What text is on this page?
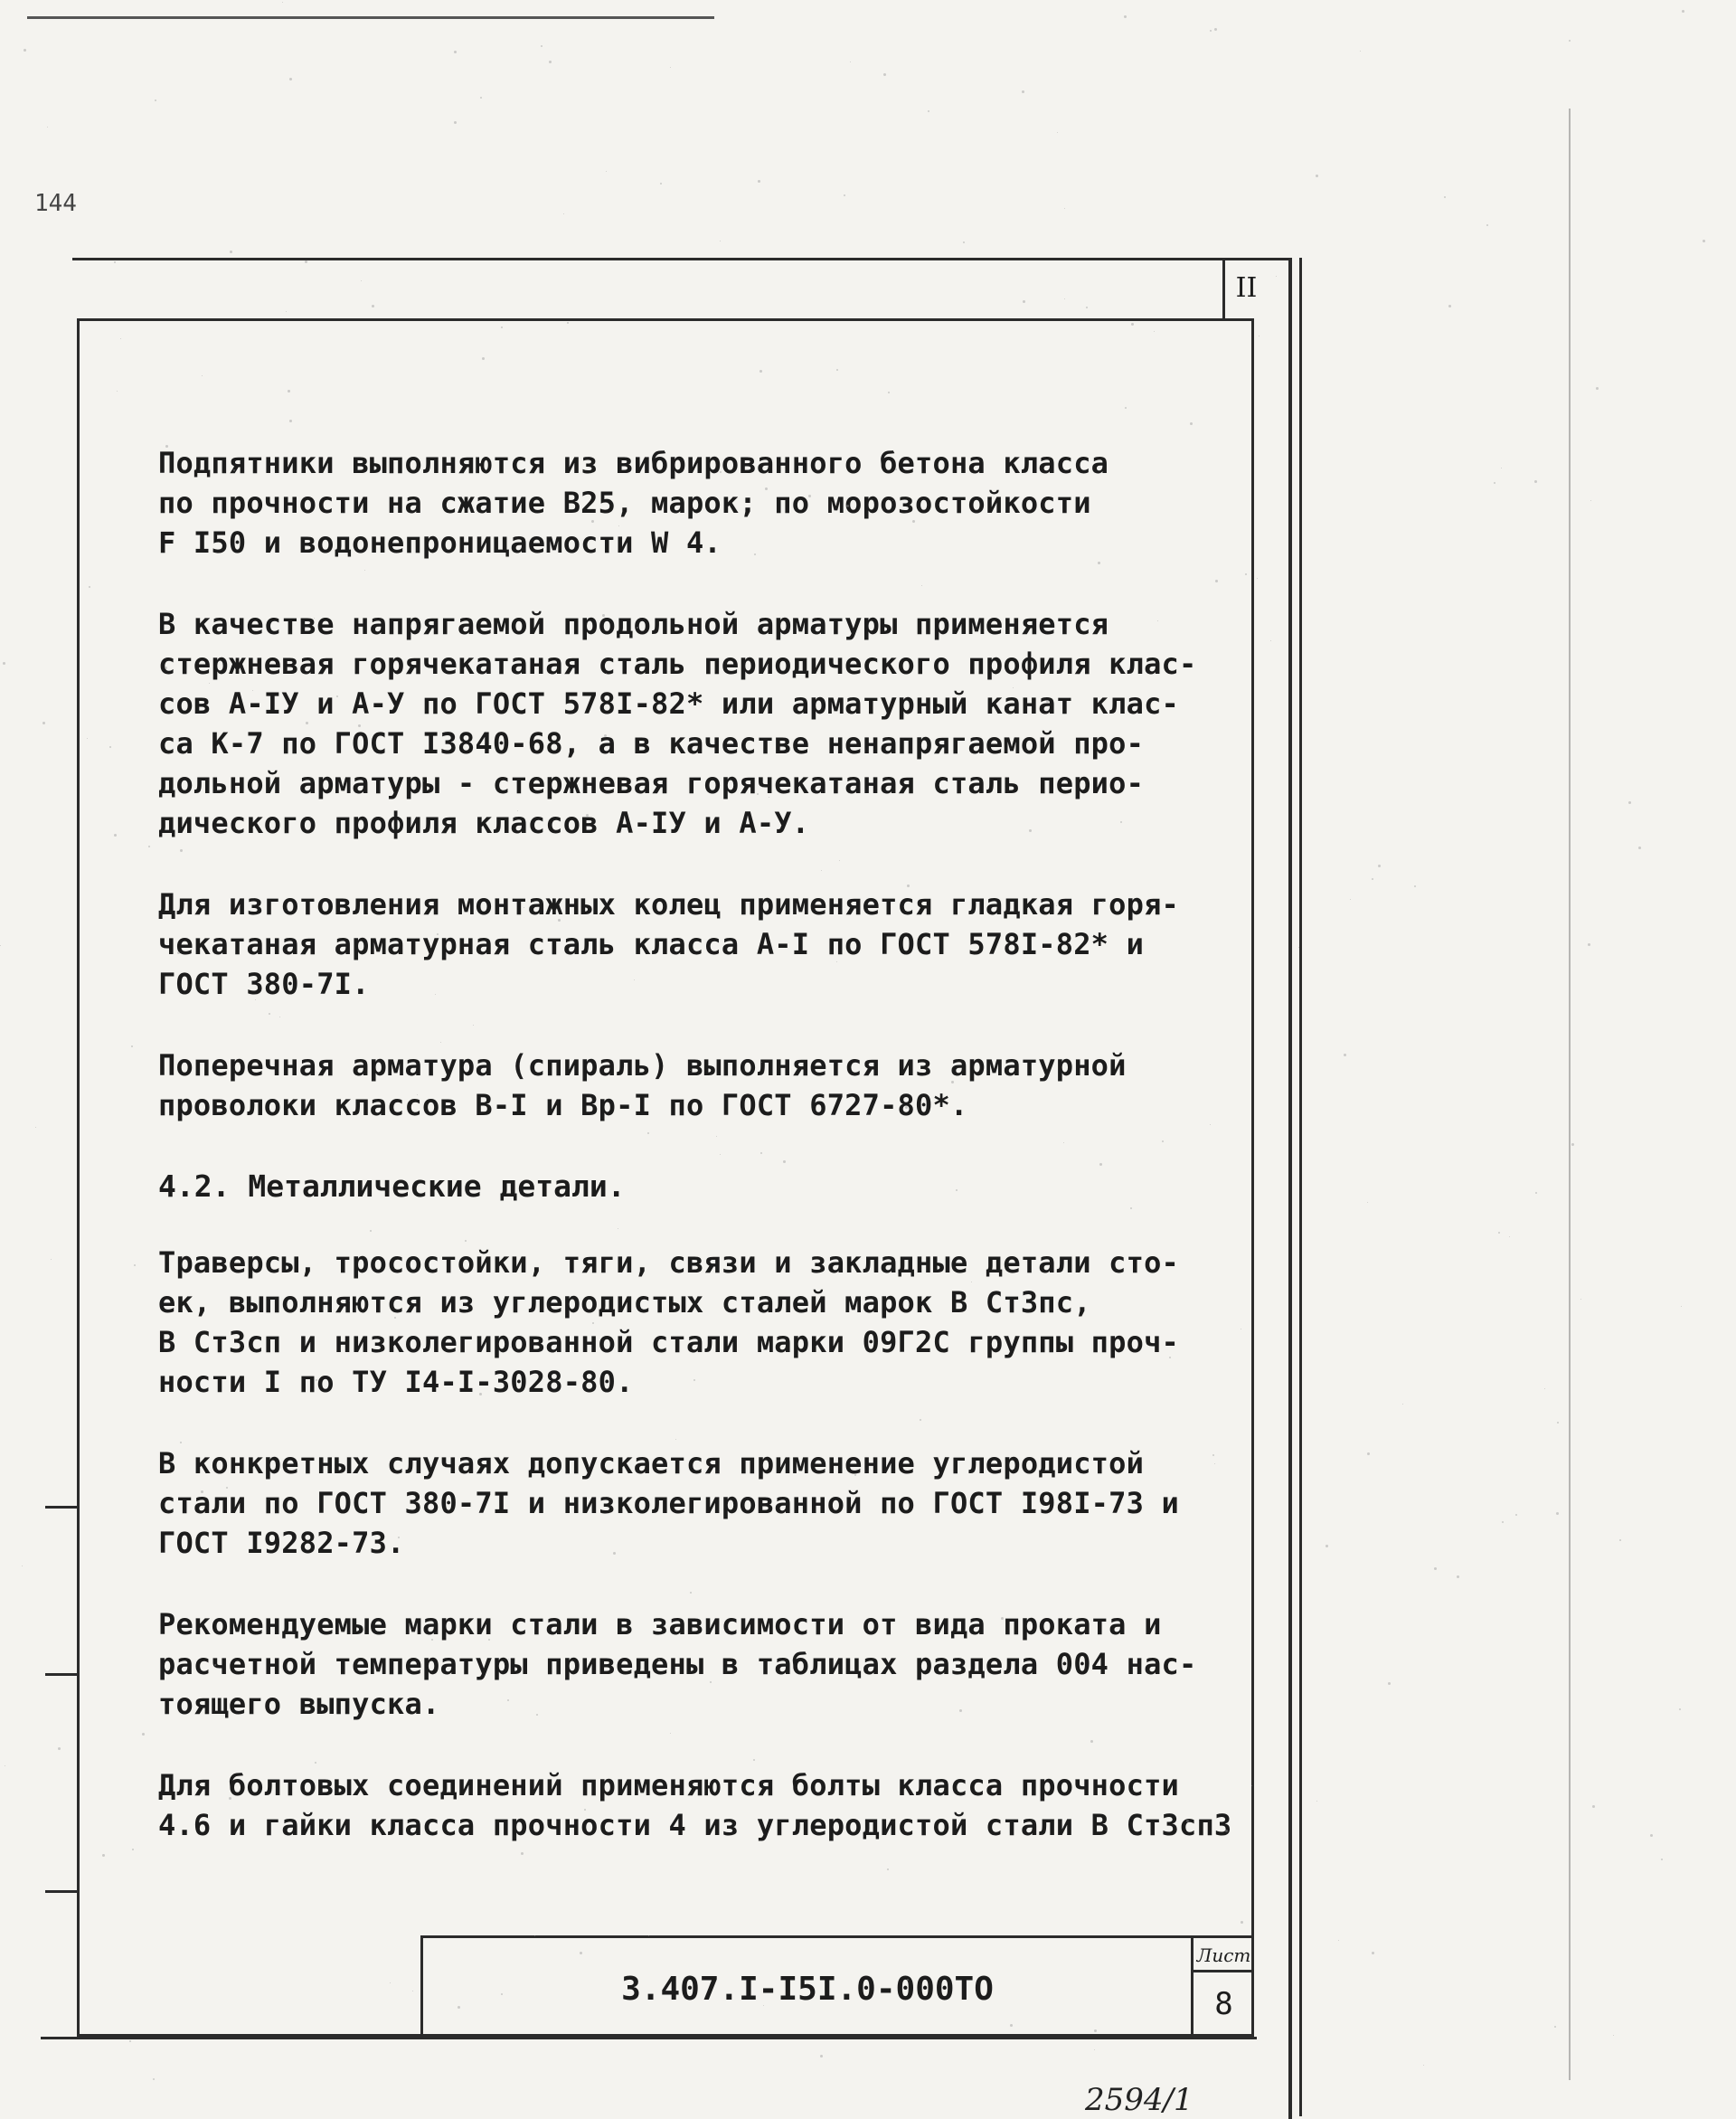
144
II
Подпятники выполняются из вибрированного бетона класса
по прочности на сжатие В25, марок; по морозостойкости
F I50 и водонепроницаемости W 4.
В качестве напрягаемой продольной арматуры применяется
стержневая горячекатаная сталь периодического профиля клас-
сов А-IУ и А-У по ГОСТ 578I-82* или арматурный канат клас-
са К-7 по ГОСТ I3840-68, а в качестве ненапрягаемой про-
дольной арматуры - стержневая горячекатаная сталь перио-
дического профиля классов А-IУ и А-У.
Для изготовления монтажных колец применяется гладкая горя-
чекатаная арматурная сталь класса А-I по ГОСТ 578I-82* и
ГОСТ 380-7I.
Поперечная арматура (спираль) выполняется из арматурной
проволоки классов В-I и Вр-I по ГОСТ 6727-80*.
4.2. Металлические детали.
Траверсы, тросостойки, тяги, связи и закладные детали сто-
ек, выполняются из углеродистых сталей марок В СтЗпс,
В СтЗсп и низколегированной стали марки 09Г2С группы проч-
ности I по ТУ I4-I-3028-80.
В конкретных случаях допускается применение углеродистой
стали по ГОСТ 380-7I и низколегированной по ГОСТ I98I-73 и
ГОСТ I9282-73.
Рекомендуемые марки стали в зависимости от вида проката и
расчетной температуры приведены в таблицах раздела 004 нас-
тоящего выпуска.
Для болтовых соединений применяются болты класса прочности
4.6 и гайки класса прочности 4 из углеродистой стали В СтЗсп3
3.407.I-I5I.0-000ТО
Лист
8
2594/1
